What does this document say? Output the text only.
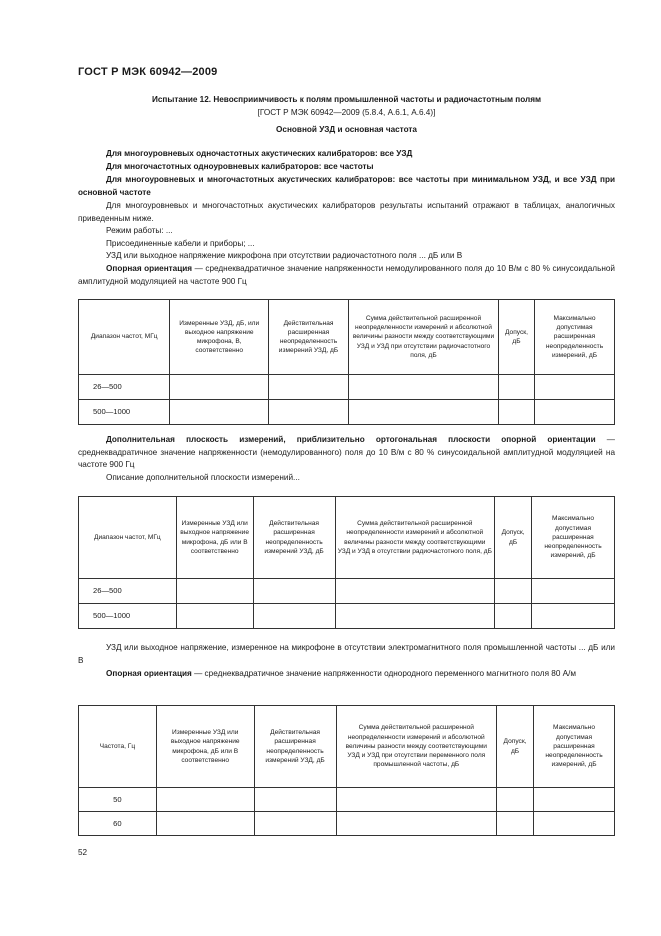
ГОСТ Р МЭК 60942—2009
Испытание 12. Невосприимчивость к полям промышленной частоты и радиочастотным полям
[ГОСТ Р МЭК 60942—2009 (5.8.4, А.6.1, А.6.4)]
Основной УЗД и основная частота
Для многоуровневых одночастотных акустических калибраторов: все УЗД
Для многочастотных одноуровневых калибраторов: все частоты
Для многоуровневых и многочастотных акустических калибраторов: все частоты при минимальном УЗД, и все УЗД при основной частоте
Для многоуровневых и многочастотных акустических калибраторов результаты испытаний отражают в таблицах, аналогичных приведенным ниже.
Режим работы: ...
Присоединенные кабели и приборы; ...
УЗД или выходное напряжение микрофона при отсутствии радиочастотного поля ... дБ или В
Опорная ориентация — среднеквадратичное значение напряженности немодулированного поля до 10 В/м с 80 % синусоидальной амплитудной модуляцией на частоте 900 Гц
Диапазон частот, МГц	Измеренные УЗД, дБ, или выходное напряжение микрофона, В, соответственно	Действительная расширенная неопределенность измерений УЗД, дБ	Сумма действительной расширенной неопределенности измерений и абсолютной величины разности между соответствующими УЗД и УЗД при отсутствии радиочастотного поля, дБ	Допуск, дБ	Максимально допустимая расширенная неопределенность измерений, дБ
26—500					
500—1000					
Дополнительная плоскость измерений, приблизительно ортогональная плоскости опорной ориентации — среднеквадратичное значение напряженности (немодулированного) поля до 10 В/м с 80 % синусоидальной амплитудной модуляцией на частоте 900 Гц
Описание дополнительной плоскости измерений...
Диапазон частот, МГц	Измеренные УЗД или выходное напряжение микрофона, дБ или В соответственно	Действительная расширенная неопределенность измерений УЗД, дБ	Сумма действительной расширенной неопределенности измерений и абсолютной величины разности между соответствующими УЗД и УЗД в отсутствии радиочастотного поля, дБ	Допуск, дБ	Максимально допустимая расширенная неопределенность измерений, дБ
26—500					
500—1000					
УЗД или выходное напряжение, измеренное на микрофоне в отсутствии электромагнитного поля промышленной частоты ... дБ или В
Опорная ориентация — среднеквадратичное значение напряженности однородного переменного магнитного поля 80 А/м
Частота, Гц	Измеренные УЗД или выходное напряжение микрофона, дБ или В соответственно	Действительная расширенная неопределенность измерений УЗД, дБ	Сумма действительной расширенной неопределенности измерений и абсолютной величины разности между соответствующими УЗД и УЗД при отсутствии переменного поля промышленной частоты, дБ	Допуск, дБ	Максимально допустимая расширенная неопределенность измерений, дБ
50					
60					
52
